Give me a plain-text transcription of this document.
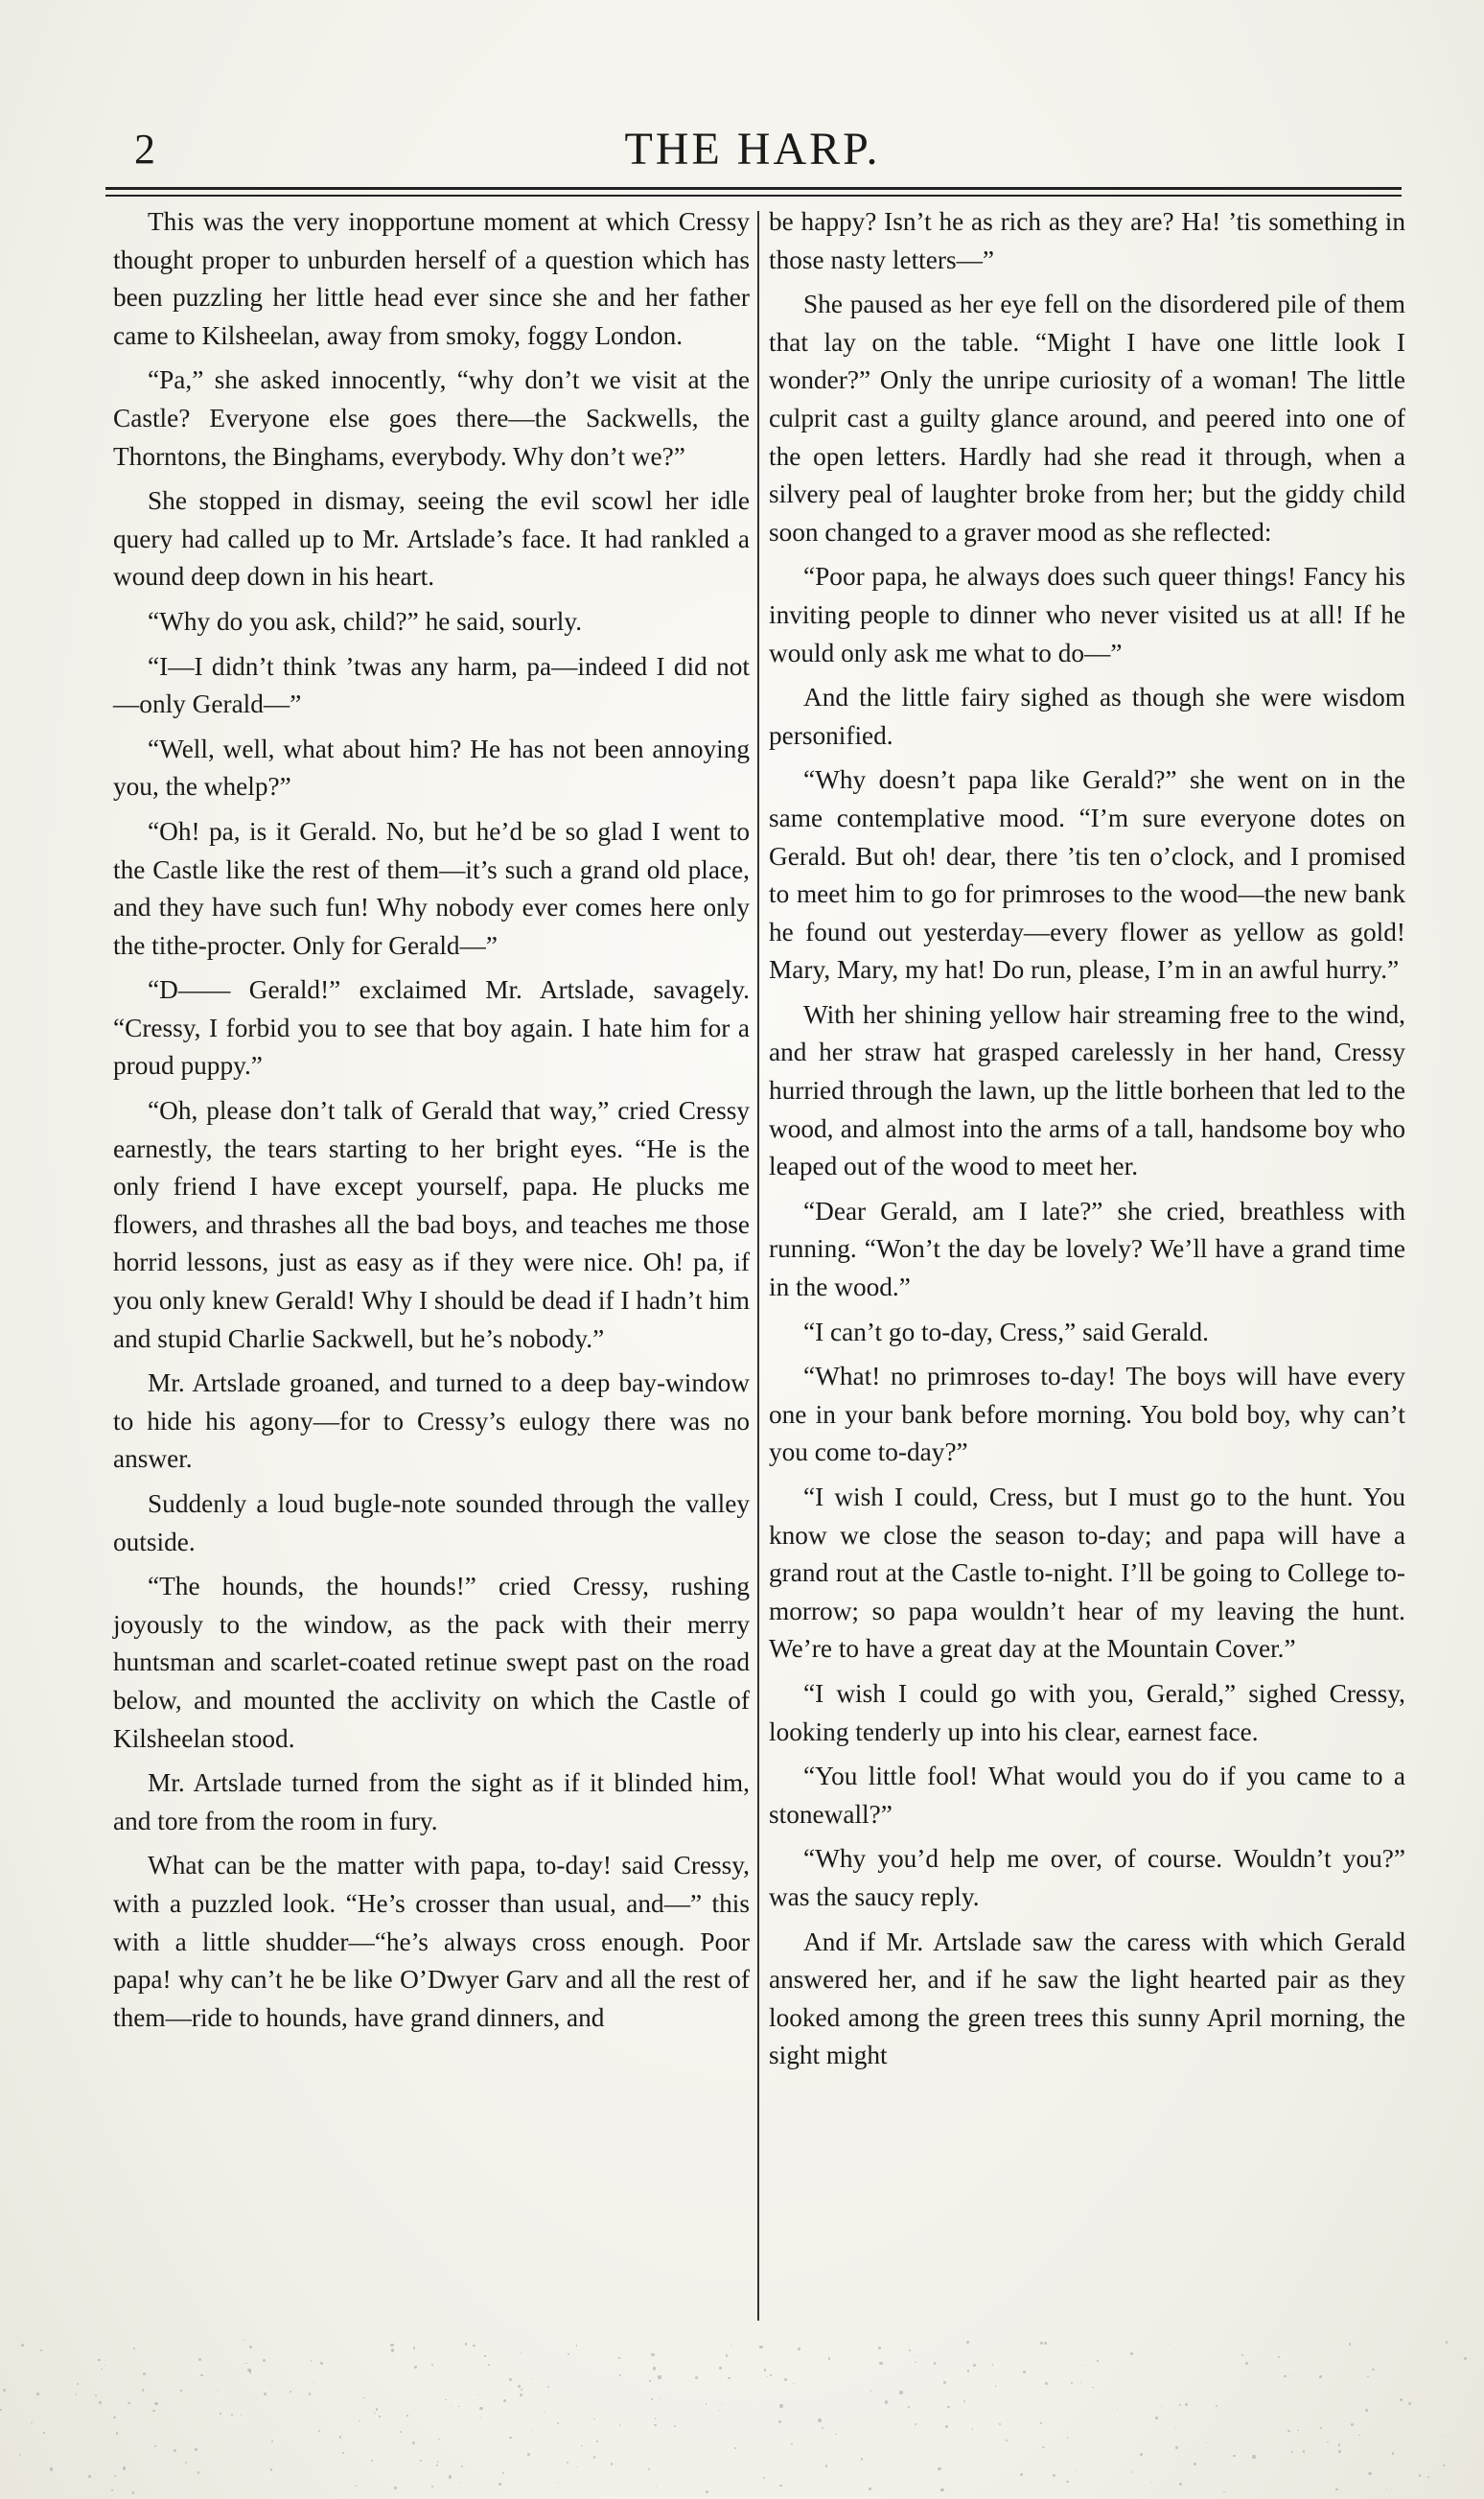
2	THE HARP.

This was the very inopportune moment at which Cressy thought proper to unburden herself of a question which has been puzzling her little head ever since she and her father came to Kilsheelan, away from smoky, foggy London.

“Pa,” she asked innocently, “why don’t we visit at the Castle? Everyone else goes there—the Sackwells, the Thorntons, the Binghams, everybody. Why don’t we?”

She stopped in dismay, seeing the evil scowl her idle query had called up to Mr. Artslade’s face. It had rankled a wound deep down in his heart.

“Why do you ask, child?” he said, sourly.

“I—I didn’t think ’twas any harm, pa—indeed I did not—only Gerald—”

“Well, well, what about him? He has not been annoying you, the whelp?”

“Oh! pa, is it Gerald. No, but he’d be so glad I went to the Castle like the rest of them—it’s such a grand old place, and they have such fun! Why nobody ever comes here only the tithe-procter. Only for Gerald—”

“D—— Gerald!” exclaimed Mr. Artslade, savagely. “Cressy, I forbid you to see that boy again. I hate him for a proud puppy.”

“Oh, please don’t talk of Gerald that way,” cried Cressy earnestly, the tears starting to her bright eyes. “He is the only friend I have except yourself, papa. He plucks me flowers, and thrashes all the bad boys, and teaches me those horrid lessons, just as easy as if they were nice. Oh! pa, if you only knew Gerald! Why I should be dead if I hadn’t him and stupid Charlie Sackwell, but he’s nobody.”

Mr. Artslade groaned, and turned to a deep bay-window to hide his agony—for to Cressy’s eulogy there was no answer.

Suddenly a loud bugle-note sounded through the valley outside.

“The hounds, the hounds!” cried Cressy, rushing joyously to the window, as the pack with their merry huntsman and scarlet-coated retinue swept past on the road below, and mounted the acclivity on which the Castle of Kilsheelan stood.

Mr. Artslade turned from the sight as if it blinded him, and tore from the room in fury.

What can be the matter with papa, to-day! said Cressy, with a puzzled look. “He’s crosser than usual, and—” this with a little shudder—“he’s always cross enough. Poor papa! why can’t he be like O’Dwyer Garv and all the rest of them—ride to hounds, have grand dinners, and

be happy? Isn’t he as rich as they are? Ha! ’tis something in those nasty letters—”

She paused as her eye fell on the disordered pile of them that lay on the table. “Might I have one little look I wonder?” Only the unripe curiosity of a woman! The little culprit cast a guilty glance around, and peered into one of the open letters. Hardly had she read it through, when a silvery peal of laughter broke from her; but the giddy child soon changed to a graver mood as she reflected:

“Poor papa, he always does such queer things! Fancy his inviting people to dinner who never visited us at all! If he would only ask me what to do—”

And the little fairy sighed as though she were wisdom personified.

“Why doesn’t papa like Gerald?” she went on in the same contemplative mood. “I’m sure everyone dotes on Gerald. But oh! dear, there ’tis ten o’clock, and I promised to meet him to go for primroses to the wood—the new bank he found out yesterday—every flower as yellow as gold! Mary, Mary, my hat! Do run, please, I’m in an awful hurry.”

With her shining yellow hair streaming free to the wind, and her straw hat grasped carelessly in her hand, Cressy hurried through the lawn, up the little borheen that led to the wood, and almost into the arms of a tall, handsome boy who leaped out of the wood to meet her.

“Dear Gerald, am I late?” she cried, breathless with running. “Won’t the day be lovely? We’ll have a grand time in the wood.”

“I can’t go to-day, Cress,” said Gerald.

“What! no primroses to-day! The boys will have every one in your bank before morning. You bold boy, why can’t you come to-day?”

“I wish I could, Cress, but I must go to the hunt. You know we close the season to-day; and papa will have a grand rout at the Castle to-night. I’ll be going to College to-morrow; so papa wouldn’t hear of my leaving the hunt. We’re to have a great day at the Mountain Cover.”

“I wish I could go with you, Gerald,” sighed Cressy, looking tenderly up into his clear, earnest face.

“You little fool! What would you do if you came to a stonewall?”

“Why you’d help me over, of course. Wouldn’t you?” was the saucy reply.

And if Mr. Artslade saw the caress with which Gerald answered her, and if he saw the light hearted pair as they looked among the green trees this sunny April morning, the sight might
